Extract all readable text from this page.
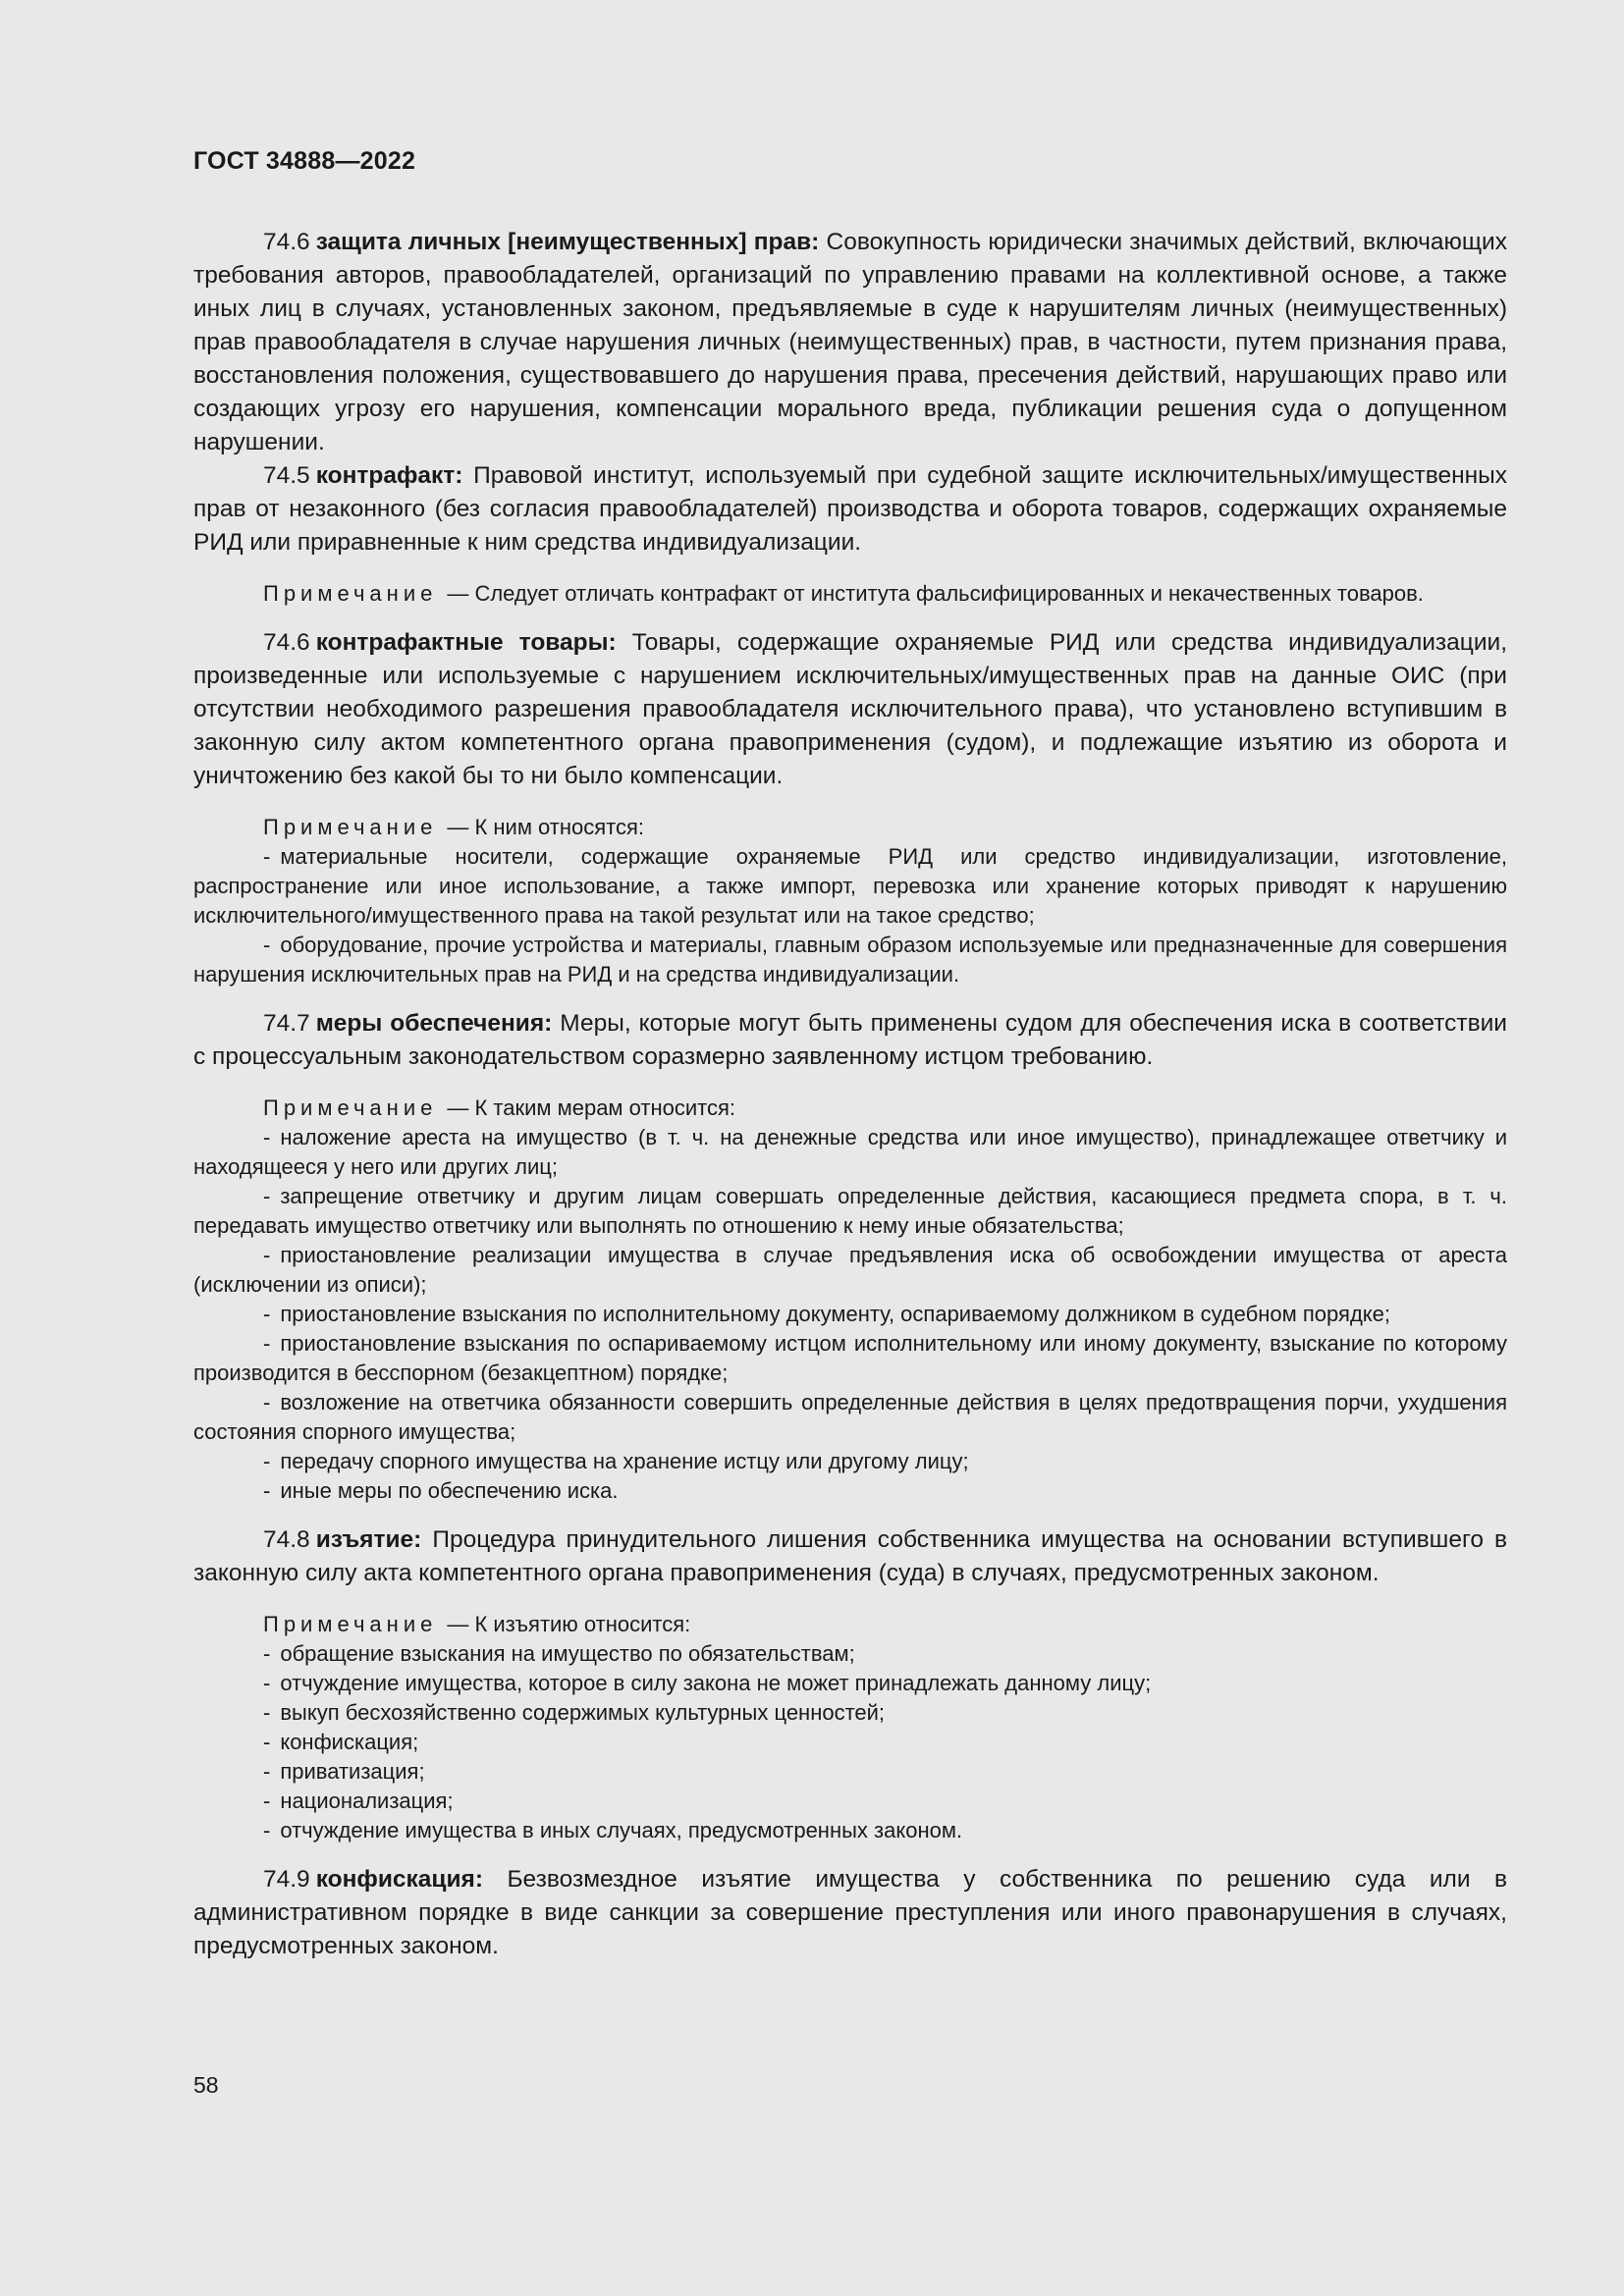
ГОСТ 34888—2022

74.6 защита личных [неимущественных] прав: Совокупность юридически значимых действий, включающих требования авторов, правообладателей, организаций по управлению правами на коллективной основе, а также иных лиц в случаях, установленных законом, предъявляемые в суде к нарушителям личных (неимущественных) прав правообладателя в случае нарушения личных (неимущественных) прав, в частности, путем признания права, восстановления положения, существовавшего до нарушения права, пресечения действий, нарушающих право или создающих угрозу его нарушения, компенсации морального вреда, публикации решения суда о допущенном нарушении.

74.5 контрафакт: Правовой институт, используемый при судебной защите исключительных/имущественных прав от незаконного (без согласия правообладателей) производства и оборота товаров, содержащих охраняемые РИД или приравненные к ним средства индивидуализации.

Примечание — Следует отличать контрафакт от института фальсифицированных и некачественных товаров.

74.6 контрафактные товары: Товары, содержащие охраняемые РИД или средства индивидуализации, произведенные или используемые с нарушением исключительных/имущественных прав на данные ОИС (при отсутствии необходимого разрешения правообладателя исключительного права), что установлено вступившим в законную силу актом компетентного органа правоприменения (судом), и подлежащие изъятию из оборота и уничтожению без какой бы то ни было компенсации.

Примечание — К ним относятся:

- материальные носители, содержащие охраняемые РИД или средство индивидуализации, изготовление, распространение или иное использование, а также импорт, перевозка или хранение которых приводят к нарушению исключительного/имущественного права на такой результат или на такое средство;

- оборудование, прочие устройства и материалы, главным образом используемые или предназначенные для совершения нарушения исключительных прав на РИД и на средства индивидуализации.

74.7 меры обеспечения: Меры, которые могут быть применены судом для обеспечения иска в соответствии с процессуальным законодательством соразмерно заявленному истцом требованию.

Примечание — К таким мерам относится:

- наложение ареста на имущество (в т. ч. на денежные средства или иное имущество), принадлежащее ответчику и находящееся у него или других лиц;

- запрещение ответчику и другим лицам совершать определенные действия, касающиеся предмета спора, в т. ч. передавать имущество ответчику или выполнять по отношению к нему иные обязательства;

- приостановление реализации имущества в случае предъявления иска об освобождении имущества от ареста (исключении из описи);

- приостановление взыскания по исполнительному документу, оспариваемому должником в судебном порядке;

- приостановление взыскания по оспариваемому истцом исполнительному или иному документу, взыскание по которому производится в бесспорном (безакцептном) порядке;

- возложение на ответчика обязанности совершить определенные действия в целях предотвращения порчи, ухудшения состояния спорного имущества;

- передачу спорного имущества на хранение истцу или другому лицу;

- иные меры по обеспечению иска.

74.8 изъятие: Процедура принудительного лишения собственника имущества на основании вступившего в законную силу акта компетентного органа правоприменения (суда) в случаях, предусмотренных законом.

Примечание — К изъятию относится:

- обращение взыскания на имущество по обязательствам;

- отчуждение имущества, которое в силу закона не может принадлежать данному лицу;

- выкуп бесхозяйственно содержимых культурных ценностей;

- конфискация;

- приватизация;

- национализация;

- отчуждение имущества в иных случаях, предусмотренных законом.

74.9 конфискация: Безвозмездное изъятие имущества у собственника по решению суда или в административном порядке в виде санкции за совершение преступления или иного правонарушения в случаях, предусмотренных законом.

58
